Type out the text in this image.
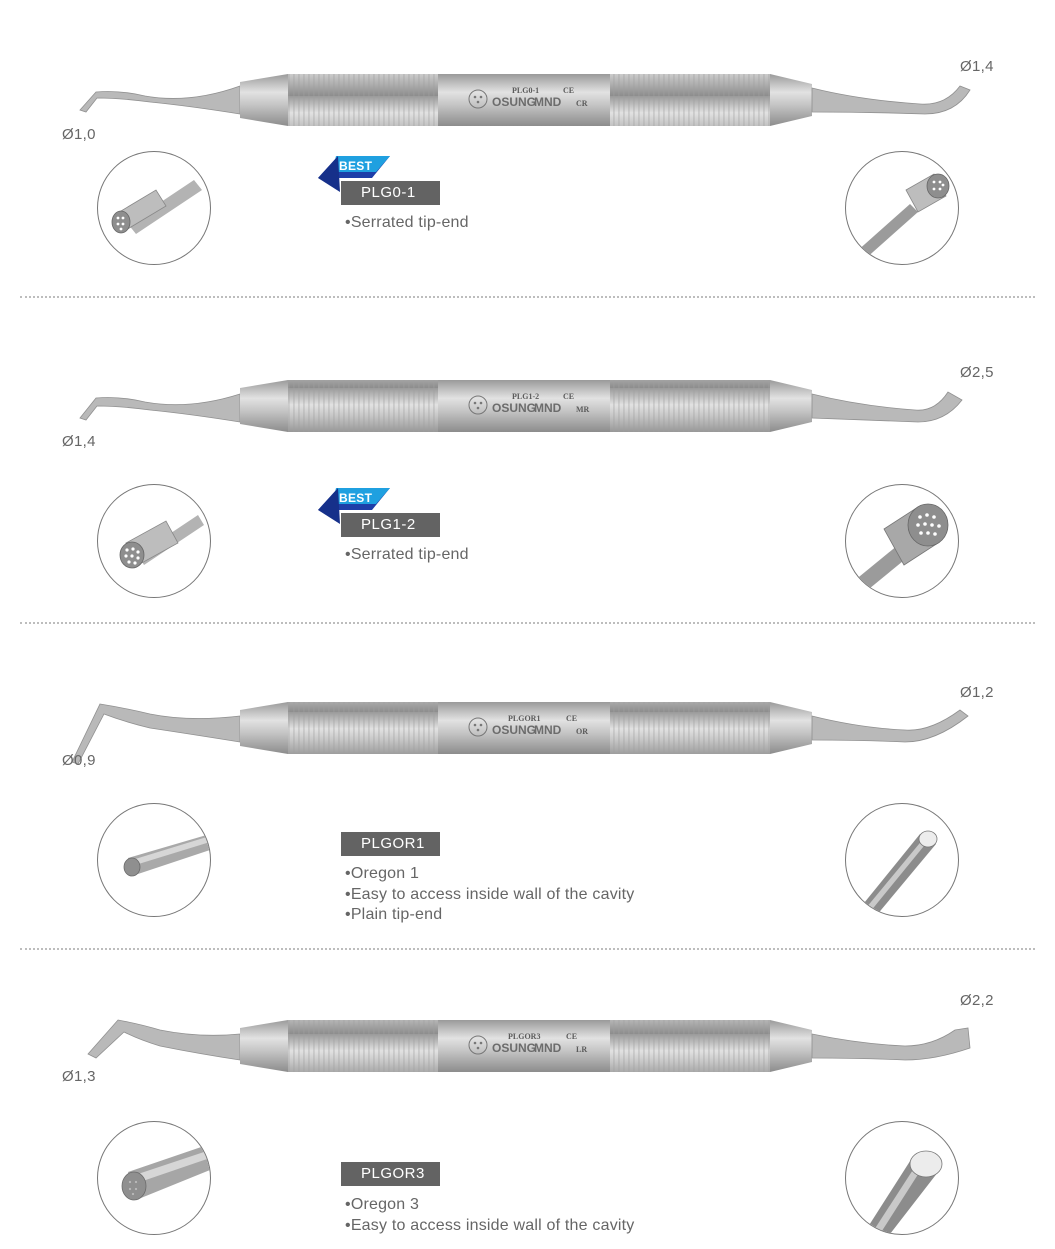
PLG0-1	CE
OSUNG
MND CR
Ø1,0
Ø1,4
BEST
PLG0-1
• Serrated tip-end
PLG1-2	CE
OSUNG
MND MR
Ø1,4
Ø2,5
BEST
PLG1-2
• Serrated tip-end
PLGOR1	CE
OSUNG
MND OR
Ø0,9
Ø1,2
PLGOR1
• Oregon 1
• Easy to access inside wall of the cavity
• Plain tip-end
PLGOR3	CE
OSUNG
MND LR
Ø1,3
Ø2,2
PLGOR3
• Oregon 3
• Easy to access inside wall of the cavity
